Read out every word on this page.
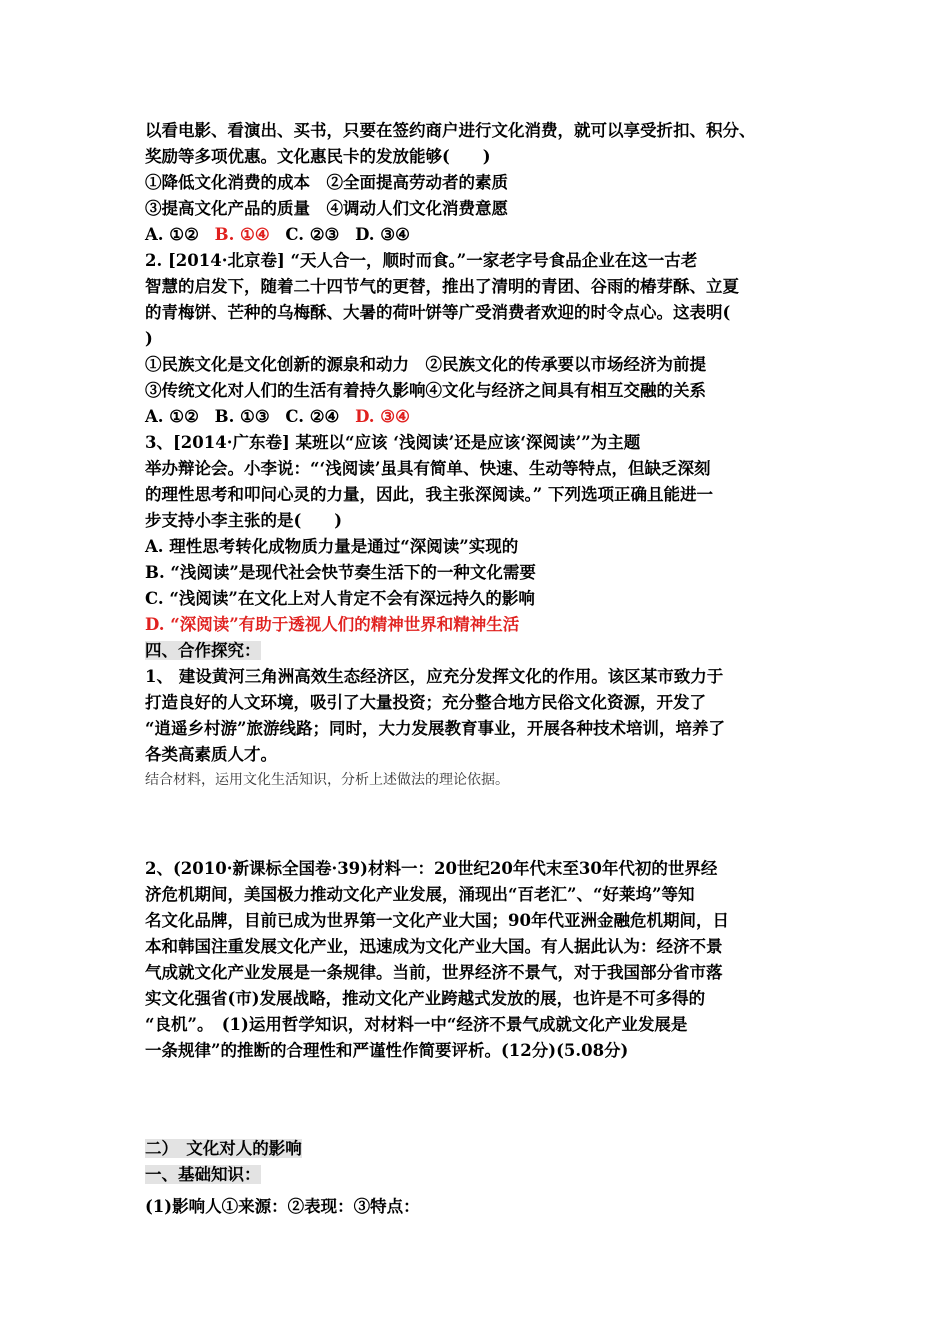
以看电影、看演出、买书，只要在签约商户进行文化消费，就可以享受折扣、积分、
奖励等多项优惠。文化惠民卡的发放能够(　　)
①降低文化消费的成本　②全面提高劳动者的素质
③提高文化产品的质量　④调动人们文化消费意愿
A. ①② B. ①④ C. ②③ D. ③④
2. [2014·北京卷] “天人合一，顺时而食。”一家老字号食品企业在这一古老
智慧的启发下，随着二十四节气的更替，推出了清明的青团、谷雨的椿芽酥、立夏
的青梅饼、芒种的乌梅酥、大暑的荷叶饼等广受消费者欢迎的时令点心。这表明(
)
①民族文化是文化创新的源泉和动力　②民族文化的传承要以市场经济为前提
③传统文化对人们的生活有着持久影响④文化与经济之间具有相互交融的关系
A. ①② B. ①③ C. ②④ D. ③④
3、[2014·广东卷] 某班以“应该 ‘浅阅读’还是应该‘深阅读’”为主题
举办辩论会。小李说：“‘浅阅读’虽具有简单、快速、生动等特点，但缺乏深刻
的理性思考和叩问心灵的力量，因此，我主张深阅读。” 下列选项正确且能进一
步支持小李主张的是(　　)
A. 理性思考转化成物质力量是通过“深阅读”实现的
B. “浅阅读”是现代社会快节奏生活下的一种文化需要
C. “浅阅读”在文化上对人肯定不会有深远持久的影响
D. “深阅读”有助于透视人们的精神世界和精神生活
四、合作探究：
1、 建设黄河三角洲高效生态经济区，应充分发挥文化的作用。该区某市致力于
打造良好的人文环境，吸引了大量投资；充分整合地方民俗文化资源，开发了
“逍遥乡村游”旅游线路；同时，大力发展教育事业，开展各种技术培训，培养了
各类高素质人才。
结合材料，运用文化生活知识，分析上述做法的理论依据。
2、(2010·新课标全国卷·39)材料一：20世纪20年代末至30年代初的世界经
济危机期间，美国极力推动文化产业发展，涌现出“百老汇”、“好莱坞”等知
名文化品牌，目前已成为世界第一文化产业大国；90年代亚洲金融危机期间，日
本和韩国注重发展文化产业，迅速成为文化产业大国。有人据此认为：经济不景
气成就文化产业发展是一条规律。当前，世界经济不景气，对于我国部分省市落
实文化强省(市)发展战略，推动文化产业跨越式发放的展，也许是不可多得的
“良机”。　(1)运用哲学知识，对材料一中“经济不景气成就文化产业发展是
一条规律”的推断的合理性和严谨性作简要评析。(12分)(5.08分)
二）　文化对人的影响
一、基础知识：
(1)影响人①来源：②表现：③特点：
